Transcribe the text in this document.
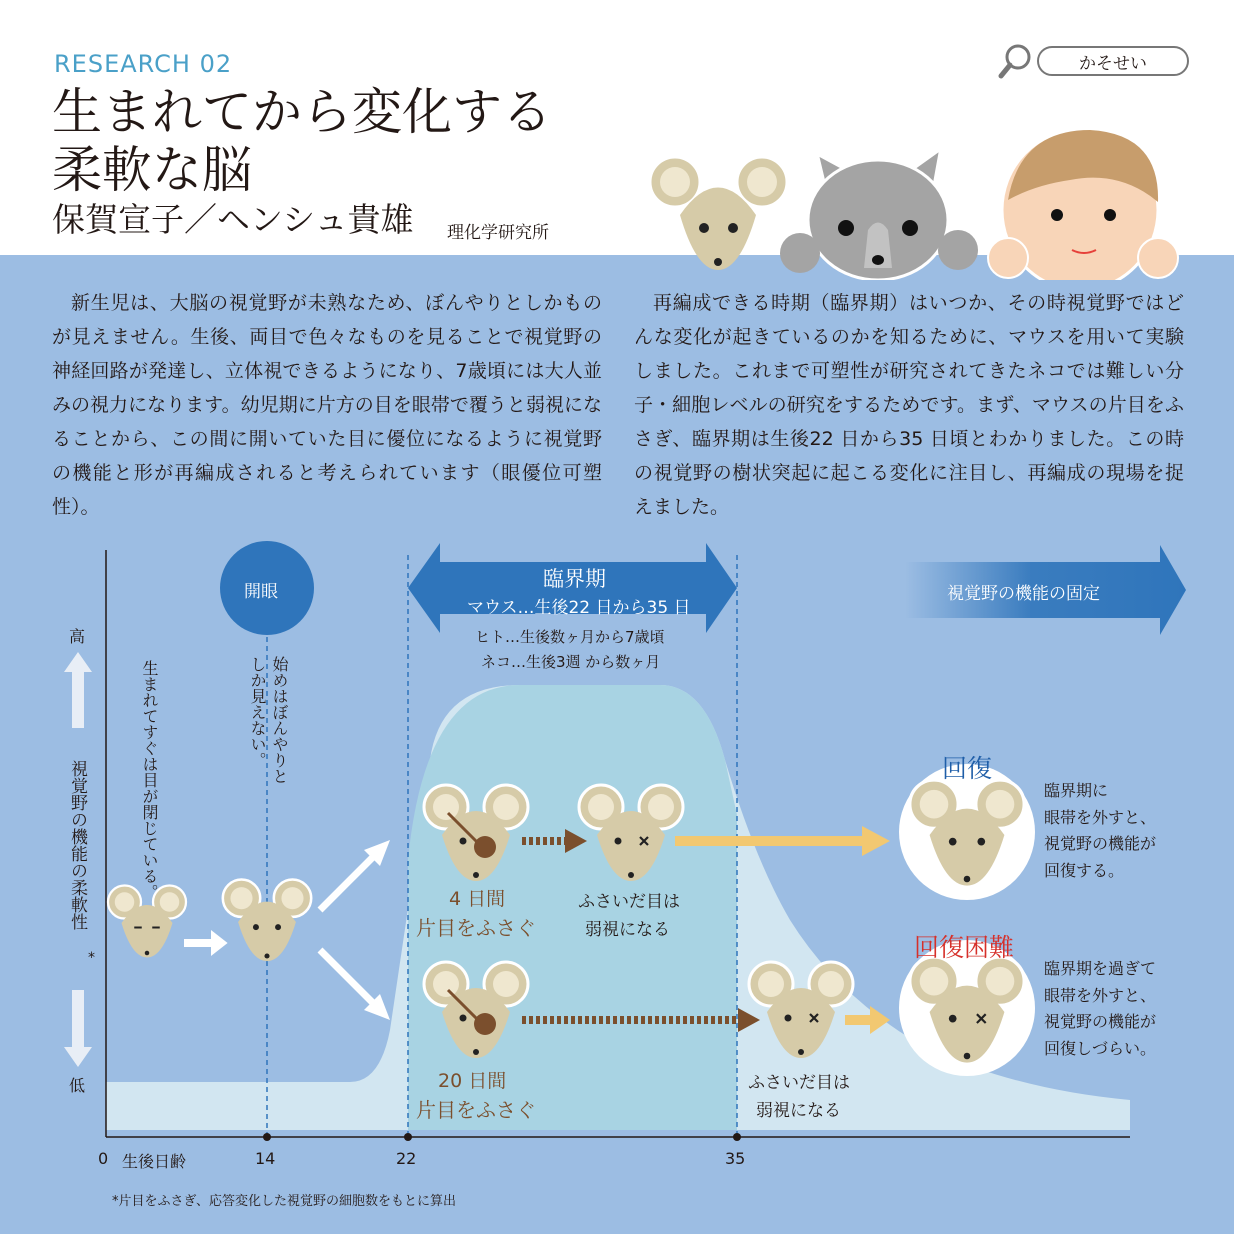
RESEARCH 02
生まれてから変化する
柔軟な脳
保賀宣子／ヘンシュ貴雄 理化学研究所
かそせい
新生児は、大脳の視覚野が未熟なため、ぼんやりとしかものが見えません。生後、両目で色々なものを見ることで視覚野の神経回路が発達し、立体視できるようになり、7歳頃には大人並みの視力になります。幼児期に片方の目を眼帯で覆うと弱視になることから、この間に開いていた目に優位になるように視覚野の機能と形が再編成されると考えられています（眼優位可塑性）。
再編成できる時期（臨界期）はいつか、その時視覚野ではどんな変化が起きているのかを知るために、マウスを用いて実験しました。これまで可塑性が研究されてきたネコでは難しい分子・細胞レベルの研究をするためです。まず、マウスの片目をふさぎ、臨界期は生後22 日から35 日頃とわかりました。この時の視覚野の樹状突起に起こる変化に注目し、再編成の現場を捉えました。
開眼
臨界期
マウス…生後22 日から35 日
ヒト…生後数ヶ月から7歳頃
ネコ…生後3週 から数ヶ月
視覚野の機能の固定
高
低
視覚野の機能の柔軟性
*
0 生後日齢	14	22	35
生まれてすぐは目が閉じている。	始めはぼんやりとしか見えない。
4 日間
片目をふさぐ
ふさいだ目は
弱視になる
20 日間
片目をふさぐ
ふさいだ目は
弱視になる
回復
臨界期に
眼帯を外すと、
視覚野の機能が
回復する。
回復困難
臨界期を過ぎて
眼帯を外すと、
視覚野の機能が
回復しづらい。
*片目をふさぎ、応答変化した視覚野の細胞数をもとに算出
